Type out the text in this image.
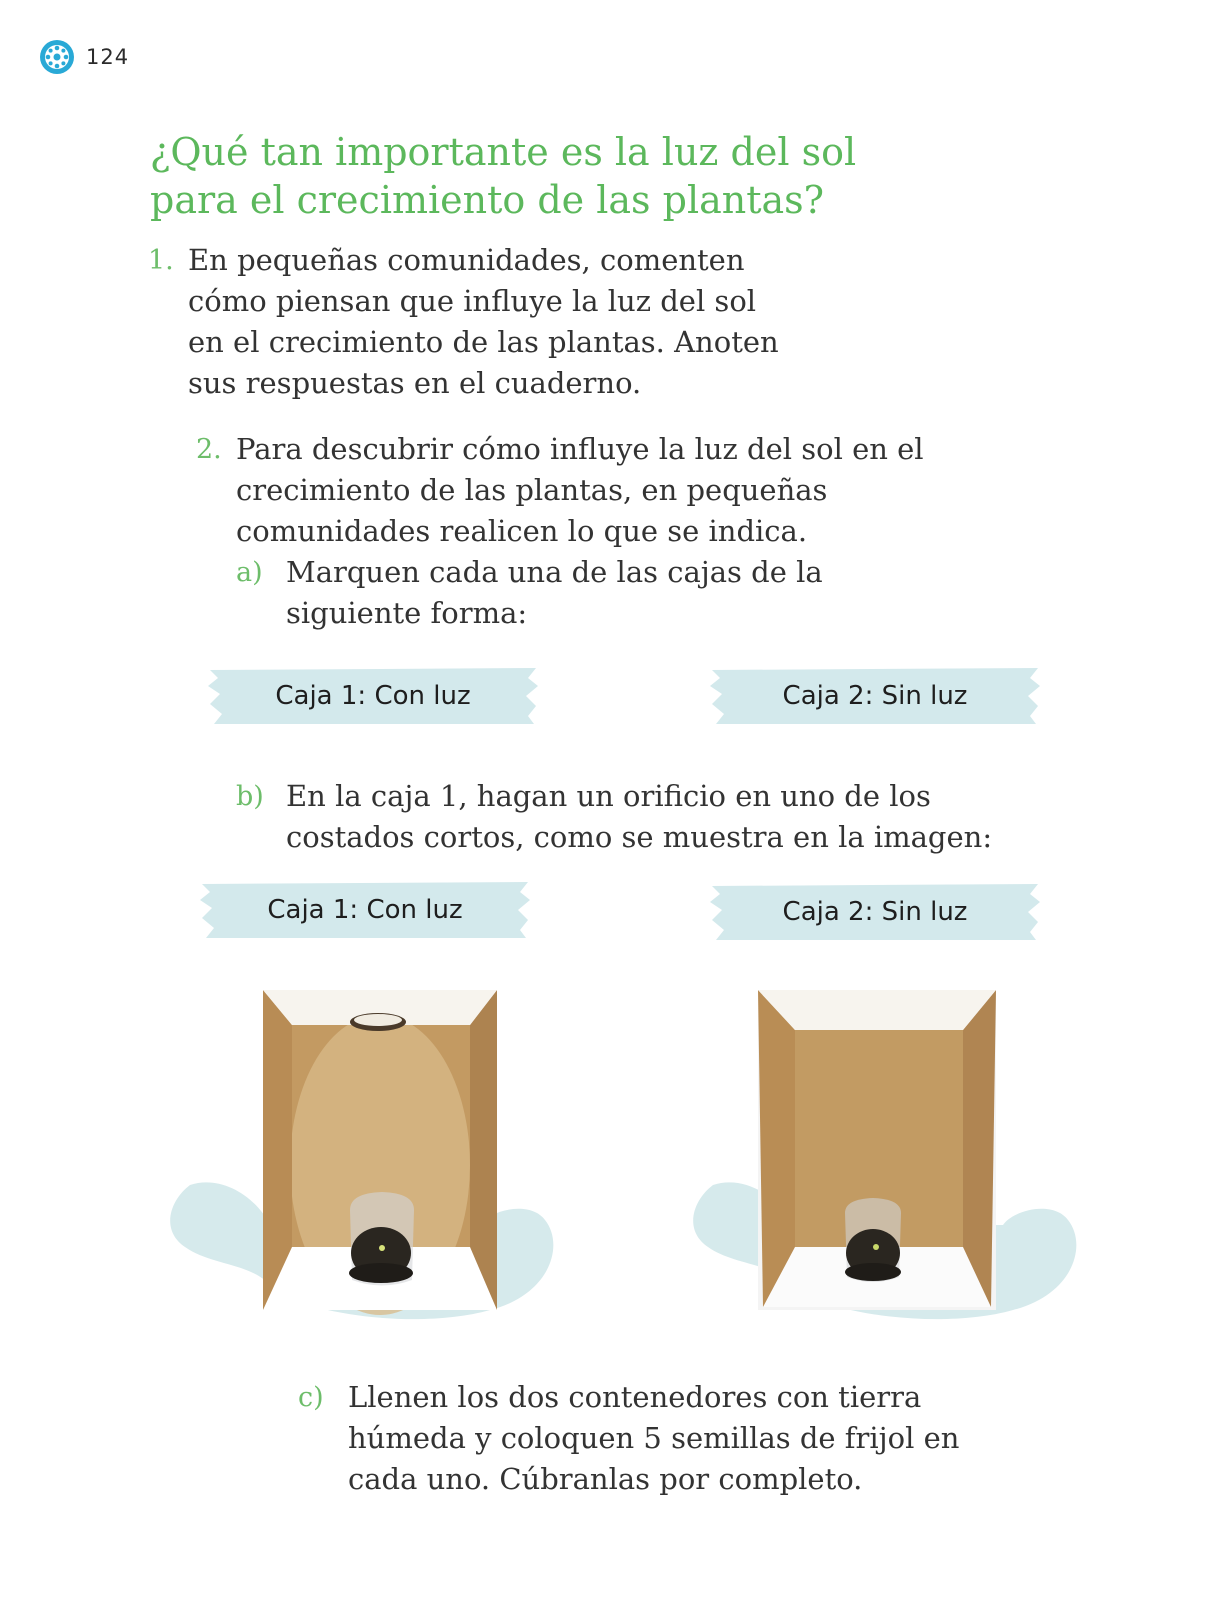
124
¿Qué tan importante es la luz del sol para el crecimiento de las plantas?
1. En pequeñas comunidades, comenten cómo piensan que influye la luz del sol en el crecimiento de las plantas. Anoten sus respuestas en el cuaderno.
2. Para descubrir cómo influye la luz del sol en el crecimiento de las plantas, en pequeñas comunidades realicen lo que se indica.
a) Marquen cada una de las cajas de la siguiente forma:
Caja 1: Con luz	Caja 2: Sin luz
b) En la caja 1, hagan un orificio en uno de los costados cortos, como se muestra en la imagen:
Caja 1: Con luz	Caja 2: Sin luz
c) Llenen los dos contenedores con tierra húmeda y coloquen 5 semillas de frijol en cada uno. Cúbranlas por completo.
